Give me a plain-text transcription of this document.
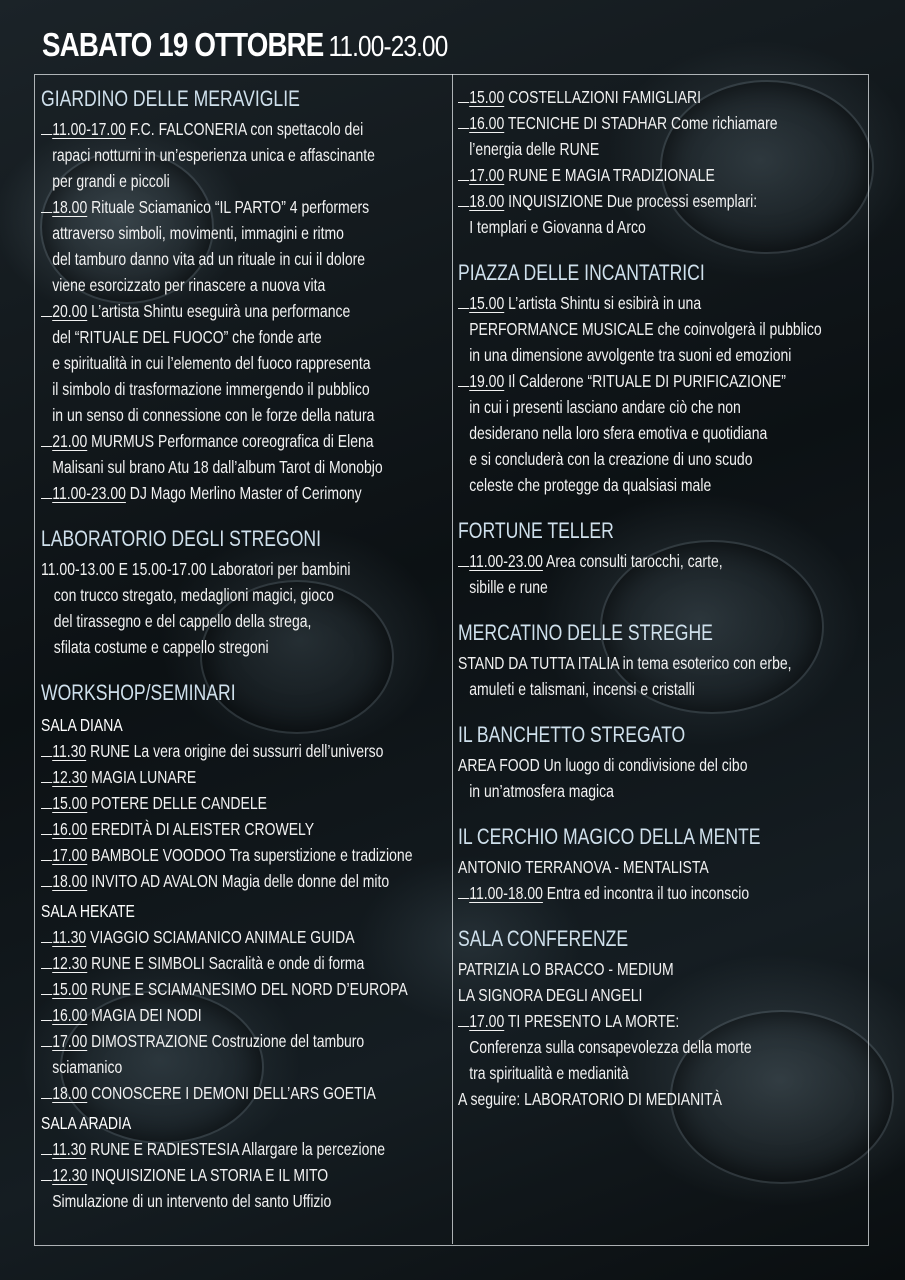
SABATO 19 OTTOBRE 11.00-23.00
GIARDINO DELLE MERAVIGLIE
11.00-17.00 F.C. FALCONERIA con spettacolo dei
rapaci notturni in un’esperienza unica e affascinante
per grandi e piccoli
18.00 Rituale Sciamanico “IL PARTO” 4 performers
attraverso simboli, movimenti, immagini e ritmo
del tamburo danno vita ad un rituale in cui il dolore
viene esorcizzato per rinascere a nuova vita
20.00 L’artista Shintu eseguirà una performance
del “RITUALE DEL FUOCO” che fonde arte
e spiritualità in cui l’elemento del fuoco rappresenta
il simbolo di trasformazione immergendo il pubblico
in un senso di connessione con le forze della natura
21.00 MURMUS Performance coreografica di Elena
Malisani sul brano Atu 18 dall’album Tarot di Monobjo
11.00-23.00 DJ Mago Merlino Master of Cerimony
LABORATORIO DEGLI STREGONI
11.00-13.00 E 15.00-17.00 Laboratori per bambini
con trucco stregato, medaglioni magici, gioco
del tirassegno e del cappello della strega,
sfilata costume e cappello stregoni
WORKSHOP/SEMINARI
SALA DIANA
11.30 RUNE La vera origine dei sussurri dell’universo
12.30 MAGIA LUNARE
15.00 POTERE DELLE CANDELE
16.00 EREDITÀ DI ALEISTER CROWELY
17.00 BAMBOLE VOODOO Tra superstizione e tradizione
18.00 INVITO AD AVALON Magia delle donne del mito
SALA HEKATE
11.30 VIAGGIO SCIAMANICO ANIMALE GUIDA
12.30 RUNE E SIMBOLI Sacralità e onde di forma
15.00 RUNE E SCIAMANESIMO DEL NORD D’EUROPA
16.00 MAGIA DEI NODI
17.00 DIMOSTRAZIONE Costruzione del tamburo
sciamanico
18.00 CONOSCERE I DEMONI DELL’ARS GOETIA
SALA ARADIA
11.30 RUNE E RADIESTESIA Allargare la percezione
12.30 INQUISIZIONE LA STORIA E IL MITO
Simulazione di un intervento del santo Uffizio
15.00 COSTELLAZIONI FAMIGLIARI
16.00 TECNICHE DI STADHAR Come richiamare
l’energia delle RUNE
17.00 RUNE E MAGIA TRADIZIONALE
18.00 INQUISIZIONE Due processi esemplari:
I templari e Giovanna d Arco
PIAZZA DELLE INCANTATRICI
15.00 L’artista Shintu si esibirà in una
PERFORMANCE MUSICALE che coinvolgerà il pubblico
in una dimensione avvolgente tra suoni ed emozioni
19.00 Il Calderone “RITUALE DI PURIFICAZIONE”
in cui i presenti lasciano andare ciò che non
desiderano nella loro sfera emotiva e quotidiana
e si concluderà con la creazione di uno scudo
celeste che protegge da qualsiasi male
FORTUNE TELLER
11.00-23.00 Area consulti tarocchi, carte,
sibille e rune
MERCATINO DELLE STREGHE
STAND DA TUTTA ITALIA in tema esoterico con erbe,
amuleti e talismani, incensi e cristalli
IL BANCHETTO STREGATO
AREA FOOD Un luogo di condivisione del cibo
in un’atmosfera magica
IL CERCHIO MAGICO DELLA MENTE
ANTONIO TERRANOVA - MENTALISTA
11.00-18.00 Entra ed incontra il tuo inconscio
SALA CONFERENZE
PATRIZIA LO BRACCO - MEDIUM
LA SIGNORA DEGLI ANGELI
17.00 TI PRESENTO LA MORTE:
Conferenza sulla consapevolezza della morte
tra spiritualità e medianità
A seguire: LABORATORIO DI MEDIANITÀ
